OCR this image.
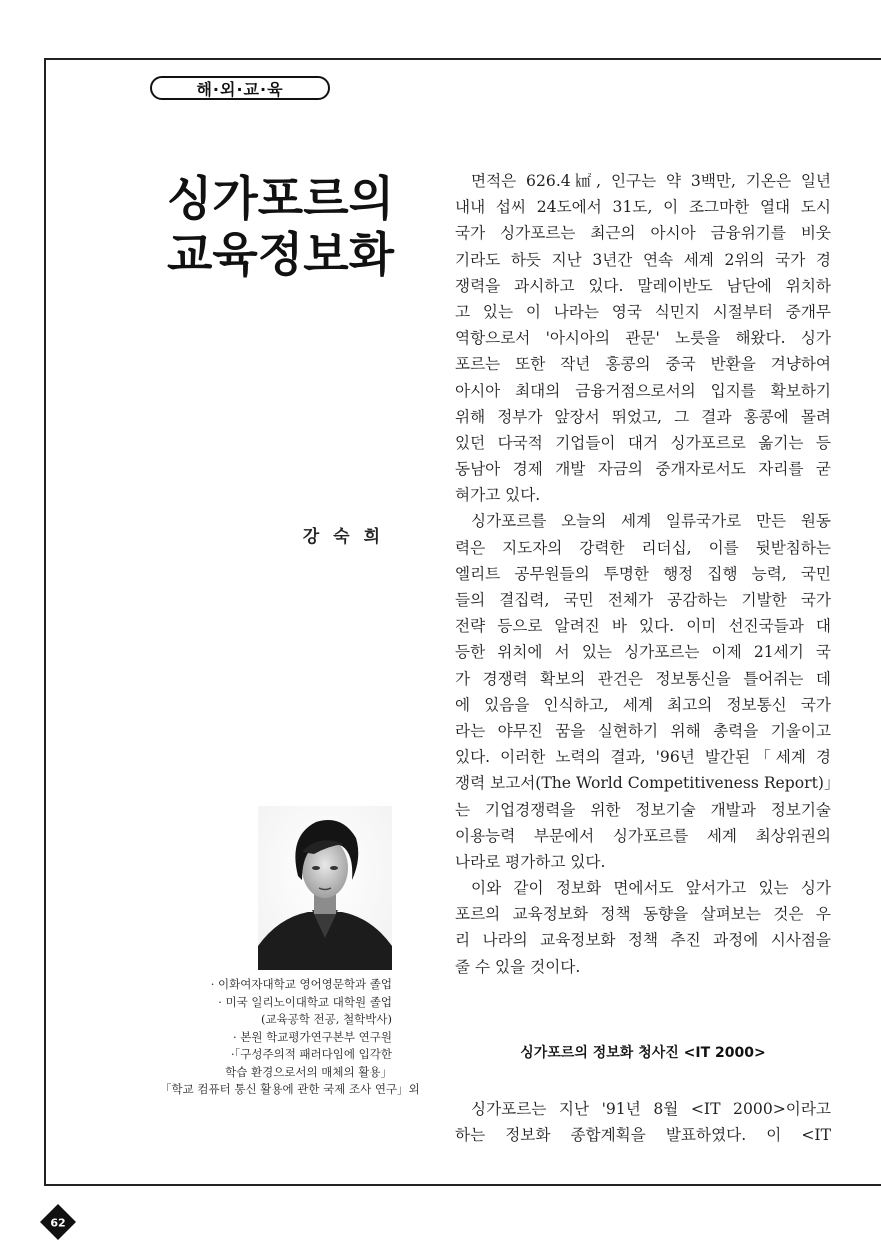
해·외·교·육
싱가포르의
교육정보화
강숙희
· 이화여자대학교 영어영문학과 졸업
· 미국 일리노이대학교 대학원 졸업
(교육공학 전공, 철학박사)
· 본원 학교평가연구본부 연구원
·「구성주의적 패러다임에 입각한
학습 환경으로서의 매체의 활용」
「학교 컴퓨터 통신 활용에 관한 국제 조사 연구」외
면적은 626.4㎢, 인구는 약 3백만, 기온은 일년
내내 섭씨 24도에서 31도, 이 조그마한 열대 도시
국가 싱가포르는 최근의 아시아 금융위기를 비웃
기라도 하듯 지난 3년간 연속 세계 2위의 국가 경
쟁력을 과시하고 있다. 말레이반도 남단에 위치하
고 있는 이 나라는 영국 식민지 시절부터 중개무
역항으로서 '아시아의 관문' 노릇을 해왔다. 싱가
포르는 또한 작년 홍콩의 중국 반환을 겨냥하여
아시아 최대의 금융거점으로서의 입지를 확보하기
위해 정부가 앞장서 뛰었고, 그 결과 홍콩에 몰려
있던 다국적 기업들이 대거 싱가포르로 옮기는 등
동남아 경제 개발 자금의 중개자로서도 자리를 굳
혀가고 있다.
싱가포르를 오늘의 세계 일류국가로 만든 원동
력은 지도자의 강력한 리더십, 이를 뒷받침하는
엘리트 공무원들의 투명한 행정 집행 능력, 국민
들의 결집력, 국민 전체가 공감하는 기발한 국가
전략 등으로 알려진 바 있다. 이미 선진국들과 대
등한 위치에 서 있는 싱가포르는 이제 21세기 국
가 경쟁력 확보의 관건은 정보통신을 틀어쥐는 데
에 있음을 인식하고, 세계 최고의 정보통신 국가
라는 야무진 꿈을 실현하기 위해 총력을 기울이고
있다. 이러한 노력의 결과, '96년 발간된「세계 경
쟁력 보고서(The World Competitiveness Report)」
는 기업경쟁력을 위한 정보기술 개발과 정보기술
이용능력 부문에서 싱가포르를 세계 최상위권의
나라로 평가하고 있다.
이와 같이 정보화 면에서도 앞서가고 있는 싱가
포르의 교육정보화 정책 동향을 살펴보는 것은 우
리 나라의 교육정보화 정책 추진 과정에 시사점을
줄 수 있을 것이다.
싱가포르의 정보화 청사진 <IT 2000>
싱가포르는 지난 '91년 8월 <IT 2000>이라고
하는 정보화 종합계획을 발표하였다. 이 <IT
62
